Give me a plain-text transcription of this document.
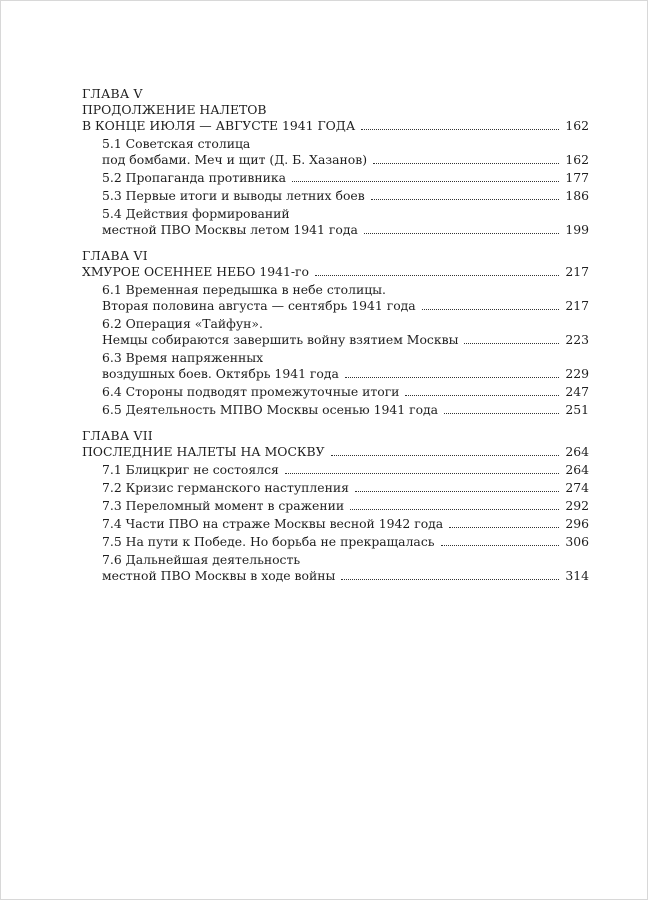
ГЛАВА V
ПРОДОЛЖЕНИЕ НАЛЕТОВ
В КОНЦЕ ИЮЛЯ — АВГУСТЕ 1941 ГОДА	162
5.1 Советская столица
под бомбами. Меч и щит (Д. Б. Хазанов)	162
5.2 Пропаганда противника	177
5.3 Первые итоги и выводы летних боев	186
5.4 Действия формирований
местной ПВО Москвы летом 1941 года	199
ГЛАВА VI
ХМУРОЕ ОСЕННЕЕ НЕБО 1941-го	217
6.1 Временная передышка в небе столицы.
Вторая половина августа — сентябрь 1941 года	217
6.2 Операция «Тайфун».
Немцы собираются завершить войну взятием Москвы	223
6.3 Время напряженных
воздушных боев. Октябрь 1941 года	229
6.4 Стороны подводят промежуточные итоги	247
6.5 Деятельность МПВО Москвы осенью 1941 года	251
ГЛАВА VII
ПОСЛЕДНИЕ НАЛЕТЫ НА МОСКВУ	264
7.1 Блицкриг не состоялся	264
7.2 Кризис германского наступления	274
7.3 Переломный момент в сражении	292
7.4 Части ПВО на страже Москвы весной 1942 года	296
7.5 На пути к Победе. Но борьба не прекращалась	306
7.6 Дальнейшая деятельность
местной ПВО Москвы в ходе войны	314
